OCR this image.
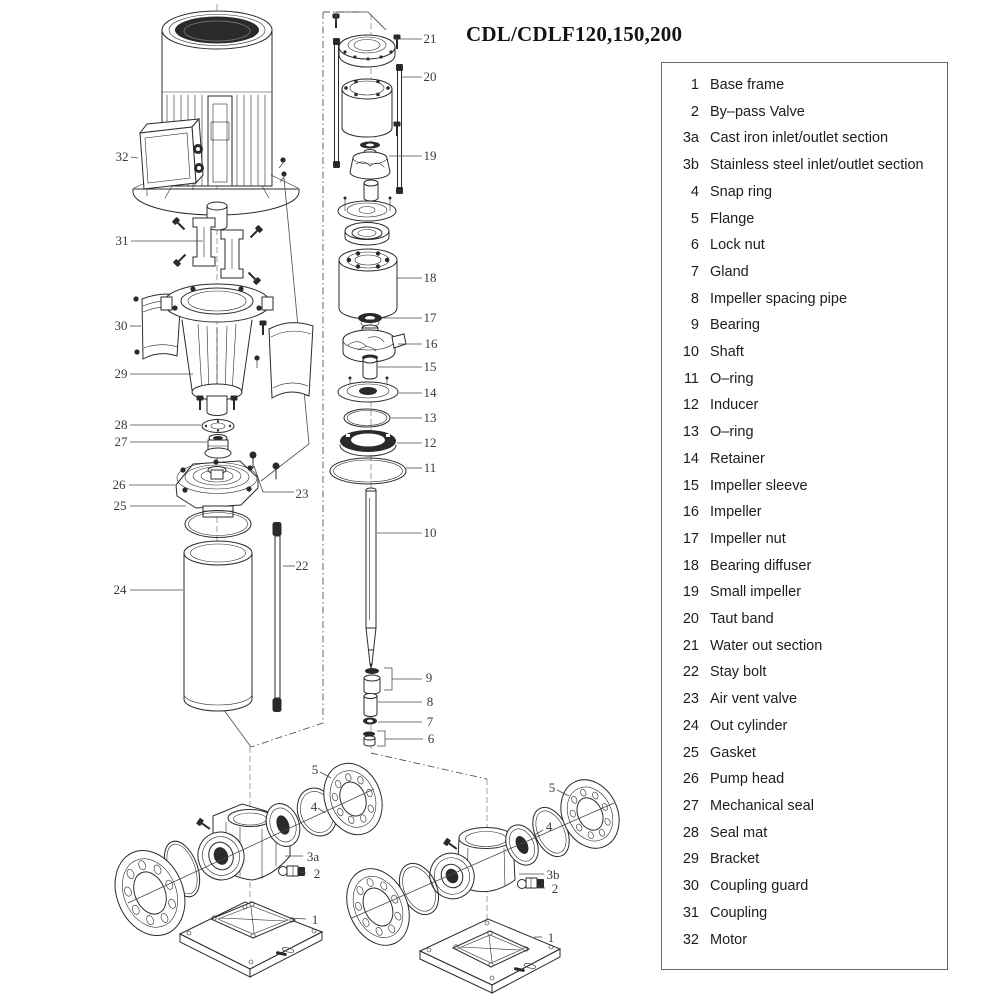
CDL/CDLF120,150,200
32
31
30
29
28
27
26
25
24
23
22
21
20
19
18
17
16
15
14
13
12
11
10
9
8
7
6
5
4
3a
2
1
5
4
3b
2
1
1 Base frame
2 By–pass Valve
3a Cast iron inlet/outlet section
3b Stainless steel inlet/outlet section
4 Snap ring
5 Flange
6 Lock nut
7 Gland
8 Impeller spacing pipe
9 Bearing
10 Shaft
11 O–ring
12 Inducer
13 O–ring
14 Retainer
15 Impeller sleeve
16 Impeller
17 Impeller nut
18 Bearing diffuser
19 Small impeller
20 Taut band
21 Water out section
22 Stay bolt
23 Air vent valve
24 Out cylinder
25 Gasket
26 Pump head
27 Mechanical seal
28 Seal mat
29 Bracket
30 Coupling guard
31 Coupling
32 Motor
